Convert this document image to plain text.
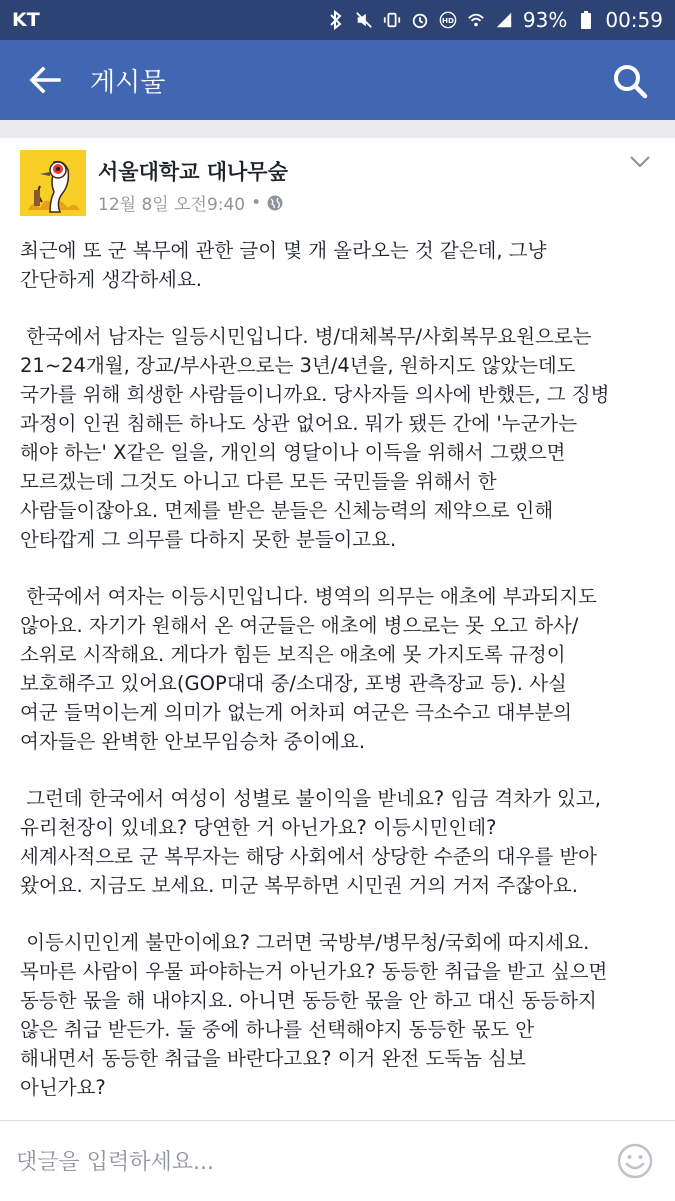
KT	HD	93% 00:59
게시물
서울대학교 대나무숲
12월 8일 오전9:40 •
최근에 또 군 복무에 관한 글이 몇 개 올라오는 것 같은데, 그냥
간단하게 생각하세요.
한국에서 남자는 일등시민입니다. 병/대체복무/사회복무요원으로는
21~24개월, 장교/부사관으로는 3년/4년을, 원하지도 않았는데도
국가를 위해 희생한 사람들이니까요. 당사자들 의사에 반했든, 그 징병
과정이 인권 침해든 하나도 상관 없어요. 뭐가 됐든 간에 '누군가는
해야 하는' X같은 일을, 개인의 영달이나 이득을 위해서 그랬으면
모르겠는데 그것도 아니고 다른 모든 국민들을 위해서 한
사람들이잖아요. 면제를 받은 분들은 신체능력의 제약으로 인해
안타깝게 그 의무를 다하지 못한 분들이고요.
한국에서 여자는 이등시민입니다. 병역의 의무는 애초에 부과되지도
않아요. 자기가 원해서 온 여군들은 애초에 병으로는 못 오고 하사/
소위로 시작해요. 게다가 힘든 보직은 애초에 못 가지도록 규정이
보호해주고 있어요(GOP대대 중/소대장, 포병 관측장교 등). 사실
여군 들먹이는게 의미가 없는게 어차피 여군은 극소수고 대부분의
여자들은 완벽한 안보무임승차 중이에요.
그런데 한국에서 여성이 성별로 불이익을 받네요? 임금 격차가 있고,
유리천장이 있네요? 당연한 거 아닌가요? 이등시민인데?
세계사적으로 군 복무자는 해당 사회에서 상당한 수준의 대우를 받아
왔어요. 지금도 보세요. 미군 복무하면 시민권 거의 거저 주잖아요.
이등시민인게 불만이에요? 그러면 국방부/병무청/국회에 따지세요.
목마른 사람이 우물 파야하는거 아닌가요? 동등한 취급을 받고 싶으면
동등한 몫을 해 내야지요. 아니면 동등한 몫을 안 하고 대신 동등하지
않은 취급 받든가. 둘 중에 하나를 선택해야지 동등한 몫도 안
해내면서 동등한 취급을 바란다고요? 이거 완전 도둑놈 심보
아닌가요?
댓글을 입력하세요...
